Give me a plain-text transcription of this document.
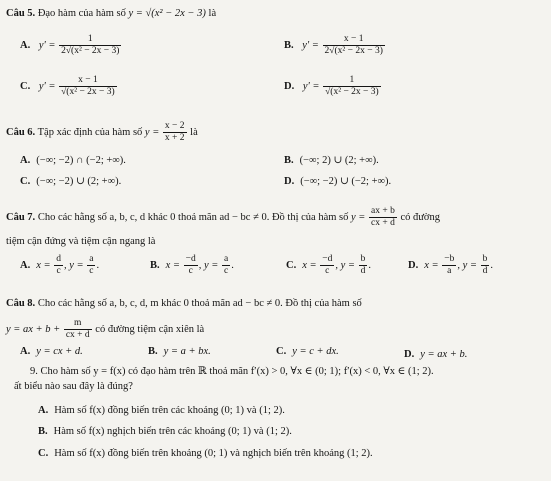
Câu 5. Đạo hàm của hàm số y = √(x² − 2x − 3) là
A. $y' = \frac{1}{\text{2√(x² − 2x − 3)}}$	B. $y' = \frac{x - 1}{\text{2√(x² − 2x − 3)}}$
C. $y' = \frac{x - 1}{\text{√(x² − 2x − 3)}}$	D. $y' = \frac{1}{\text{√(x² − 2x − 3)}}$
Câu 6. Tập xác định của hàm số $y = \frac{x - 2}{x + 2}$ là
A. (−∞; −2) ∩ (−2; +∞).	B. (−∞; 2) ∪ (2; +∞).
C. (−∞; −2) ∪ (2; +∞).	D. (−∞; −2) ∪ (−2; +∞).
Câu 7. Cho các hằng số a, b, c, d khác 0 thoả mãn ad − bc ≠ 0. Đồ thị của hàm số $y = \frac{ax + b}{cx + d}$ có đường
tiệm cận đứng và tiệm cận ngang là
A. $x = \frac{d}{c}$ , $y = \frac{a}{c}$ .	B. $x = \frac{-d}{c}$ , $y = \frac{a}{c}$ .	C. $x = \frac{-d}{c}$ , $y = \frac{b}{d}$ .	D. $x = \frac{-b}{a}$ , $y = \frac{b}{d}$ .
Câu 8. Cho các hằng số a, b, c, d, m khác 0 thoả mãn ad − bc ≠ 0. Đồ thị của hàm số
y = ax + $b + \frac{m}{cx + d}$ có đường tiệm cận xiên là
A. y = cx + d.	B. y = a + bx.	C. y = c + dx.	D. y = ax + b.
9. Cho hàm số y = f(x) có đạo hàm trên ℝ thoả mãn f′(x) > 0, ∀x ∈ (0; 1); f′(x) < 0, ∀x ∈ (1; 2).
ất biểu nào sau đây là đúng?
A. Hàm số f(x) đồng biến trên các khoảng (0; 1) và (1; 2).
B. Hàm số f(x) nghịch biến trên các khoảng (0; 1) và (1; 2).
C. Hàm số f(x) đồng biến trên khoảng (0; 1) và nghịch biến trên khoảng (1; 2).
